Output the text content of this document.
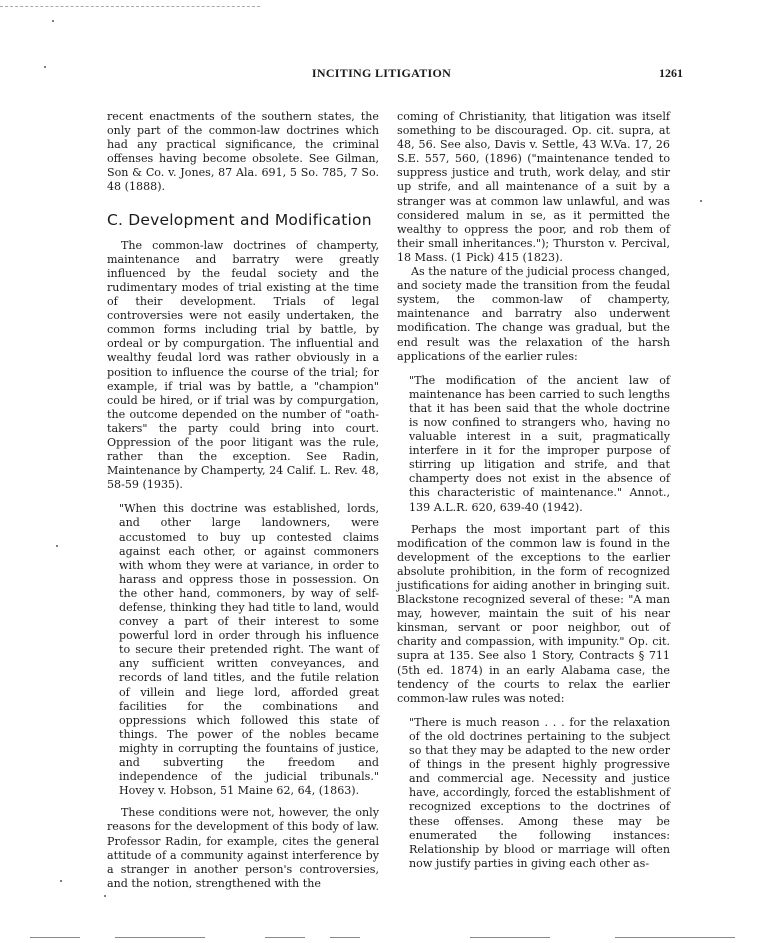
INCITING LITIGATION	1261

recent enactments of the southern states, the only part of the common-law doctrines which had any practical significance, the criminal offenses having become obsolete. See Gilman, Son & Co. v. Jones, 87 Ala. 691, 5 So. 785, 7 So. 48 (1888).

C. Development and Modification

The common-law doctrines of champerty, maintenance and barratry were greatly influenced by the feudal society and the rudimentary modes of trial existing at the time of their development. Trials of legal controversies were not easily undertaken, the common forms including trial by battle, by ordeal or by compurgation. The influential and wealthy feudal lord was rather obviously in a position to influence the course of the trial; for example, if trial was by battle, a "champion" could be hired, or if trial was by compurgation, the outcome depended on the number of "oath-takers" the party could bring into court. Oppression of the poor litigant was the rule, rather than the exception. See Radin, Maintenance by Champerty, 24 Calif. L. Rev. 48, 58-59 (1935).

"When this doctrine was established, lords, and other large landowners, were accustomed to buy up contested claims against each other, or against commoners with whom they were at variance, in order to harass and oppress those in possession. On the other hand, commoners, by way of self-defense, thinking they had title to land, would convey a part of their interest to some powerful lord in order through his influence to secure their pretended right. The want of any sufficient written conveyances, and records of land titles, and the futile relation of villein and liege lord, afforded great facilities for the combinations and oppressions which followed this state of things. The power of the nobles became mighty in corrupting the fountains of justice, and subverting the freedom and independence of the judicial tribunals." Hovey v. Hobson, 51 Maine 62, 64, (1863).

These conditions were not, however, the only reasons for the development of this body of law. Professor Radin, for example, cites the general attitude of a community against interference by a stranger in another person's controversies, and the notion, strengthened with the

coming of Christianity, that litigation was itself something to be discouraged. Op. cit. supra, at 48, 56. See also, Davis v. Settle, 43 W.Va. 17, 26 S.E. 557, 560, (1896) ("maintenance tended to suppress justice and truth, work delay, and stir up strife, and all maintenance of a suit by a stranger was at common law unlawful, and was considered malum in se, as it permitted the wealthy to oppress the poor, and rob them of their small inheritances."); Thurston v. Percival, 18 Mass. (1 Pick) 415 (1823).

As the nature of the judicial process changed, and society made the transition from the feudal system, the common-law of champerty, maintenance and barratry also underwent modification. The change was gradual, but the end result was the relaxation of the harsh applications of the earlier rules:

"The modification of the ancient law of maintenance has been carried to such lengths that it has been said that the whole doctrine is now confined to strangers who, having no valuable interest in a suit, pragmatically interfere in it for the improper purpose of stirring up litigation and strife, and that champerty does not exist in the absence of this characteristic of maintenance." Annot., 139 A.L.R. 620, 639-40 (1942).

Perhaps the most important part of this modification of the common law is found in the development of the exceptions to the earlier absolute prohibition, in the form of recognized justifications for aiding another in bringing suit. Blackstone recognized several of these: "A man may, however, maintain the suit of his near kinsman, servant or poor neighbor, out of charity and compassion, with impunity." Op. cit. supra at 135. See also 1 Story, Contracts § 711 (5th ed. 1874) in an early Alabama case, the tendency of the courts to relax the earlier common-law rules was noted:

"There is much reason . . . for the relaxation of the old doctrines pertaining to the subject so that they may be adapted to the new order of things in the present highly progressive and commercial age. Necessity and justice have, accordingly, forced the establishment of recognized exceptions to the doctrines of these offenses. Among these may be enumerated the following instances: Relationship by blood or marriage will often now justify parties in giving each other as-
